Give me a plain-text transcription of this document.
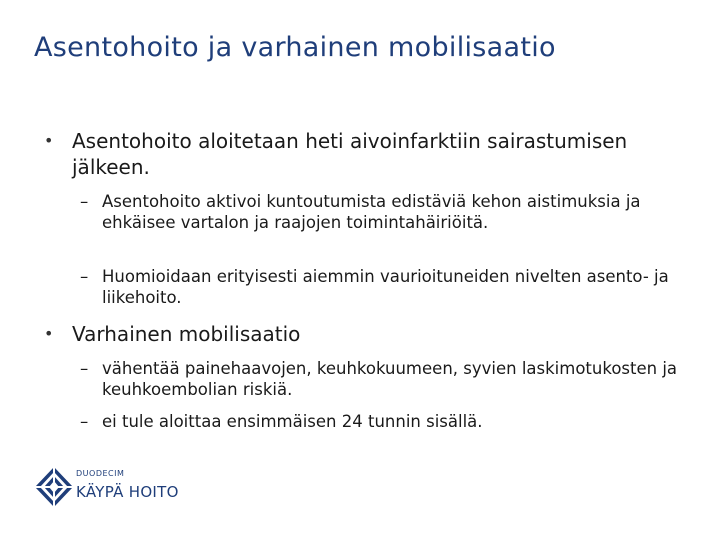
Asentohoito ja varhainen mobilisaatio
• Asentohoito aloitetaan heti aivoinfarktiin sairastumisen jälkeen.
– Asentohoito aktivoi kuntoutumista edistäviä kehon aistimuksia ja ehkäisee vartalon ja raajojen toimintahäiriöitä.
– Huomioidaan erityisesti aiemmin vaurioituneiden nivelten asento- ja liikehoito.
• Varhainen mobilisaatio
– vähentää painehaavojen, keuhkokuumeen, syvien laskimotukosten ja keuhkoembolian riskiä.
– ei tule aloittaa ensimmäisen 24 tunnin sisällä.
DUODECIM
KÄYPÄ HOITO
